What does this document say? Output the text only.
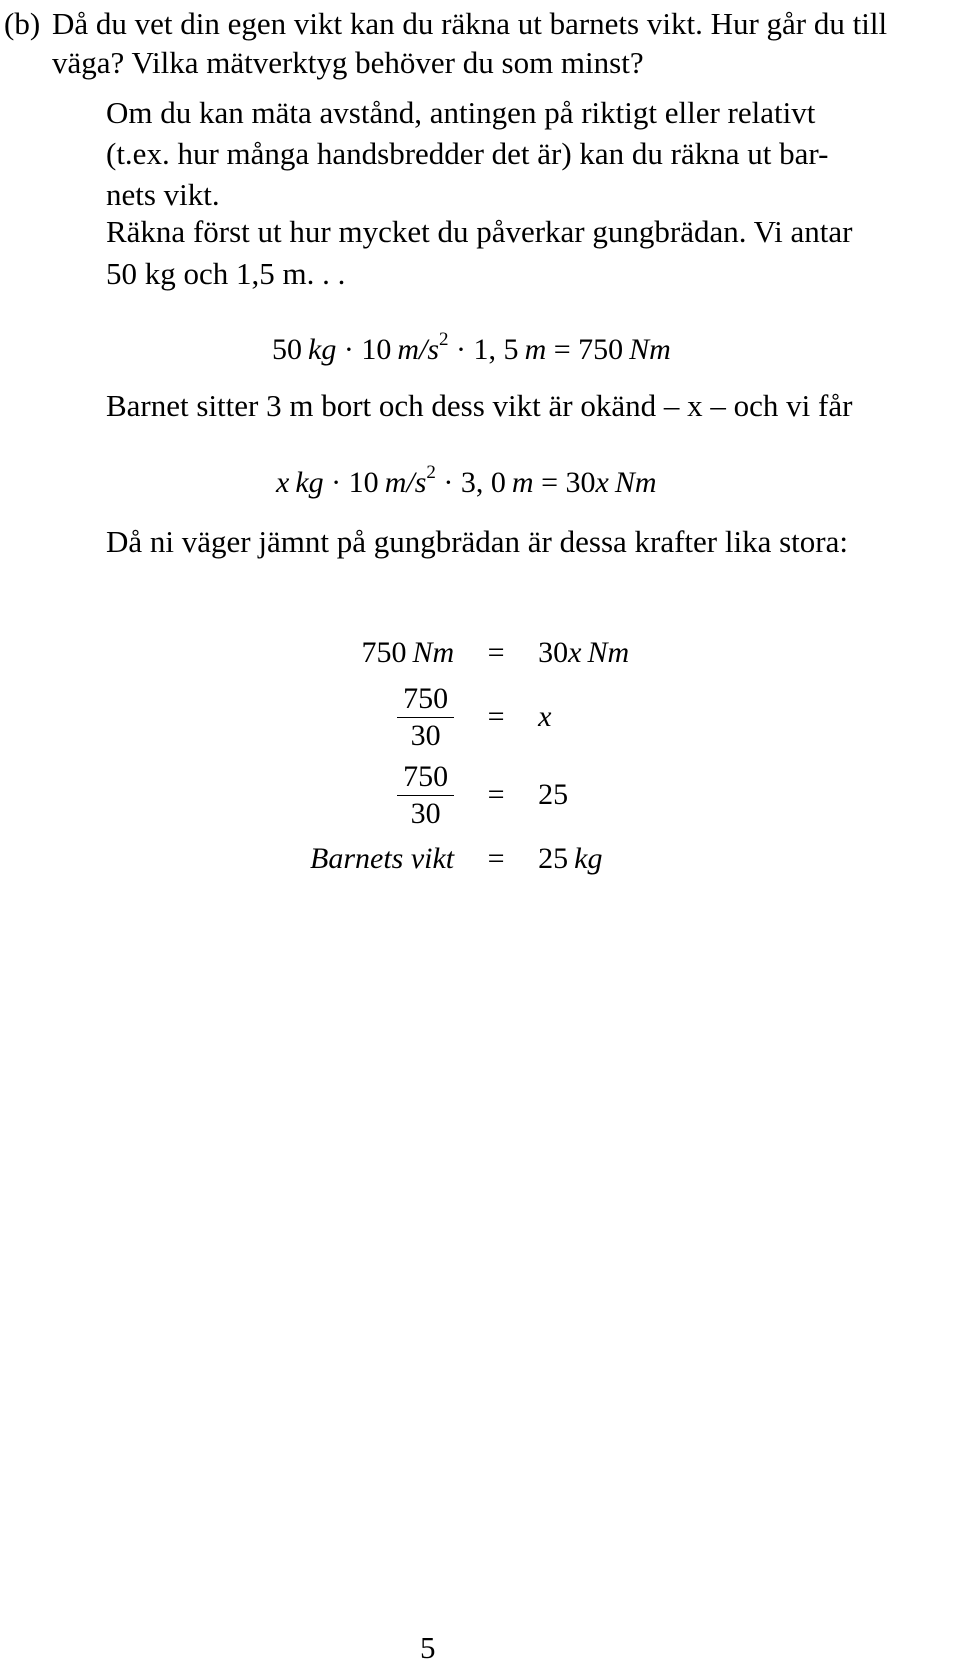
(b) Då du vet din egen vikt kan du räkna ut barnets vikt. Hur går du till
väga? Vilka mätverktyg behöver du som minst?
Om du kan mäta avstånd, antingen på riktigt eller relativt
(t.ex. hur många handsbredder det är) kan du räkna ut bar-
nets vikt.
Räkna först ut hur mycket du påverkar gungbrädan. Vi antar
50 kg och 1,5 m. . .
50  kg · 10  $m/s^2 \cdot 1$, 5  m = 750  Nm
Barnet sitter 3 m bort och dess vikt är okänd – x – och vi får
x  kg · 10  $m/s^2 \cdot 3$, 0  m = 30x  Nm
Då ni väger jämnt på gungbrädan är dessa krafter lika stora:
750  Nm	=	30x  Nm

$\frac{750}{30}$	=	x

$\frac{750}{30}$	=	25
Barnets vikt	=	25  kg
5
